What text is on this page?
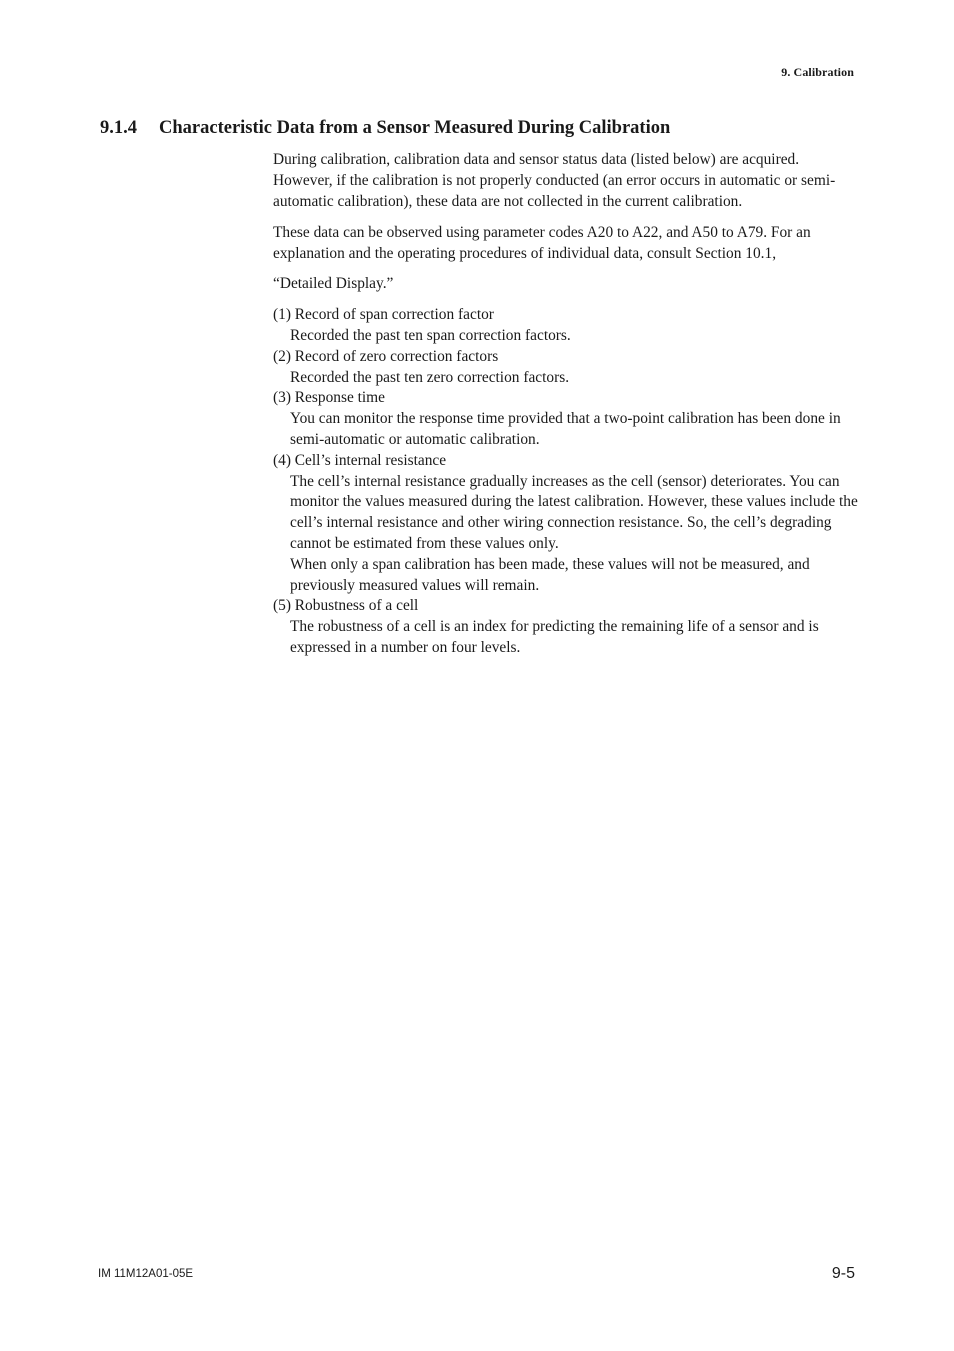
9. Calibration
9.1.4 Characteristic Data from a Sensor Measured During Calibration

During calibration, calibration data and sensor status data (listed below) are acquired. However, if the calibration is not properly conducted (an error occurs in automatic or semi-automatic calibration), these data are not collected in the current calibration.

These data can be observed using parameter codes A20 to A22, and A50 to A79. For an explanation and the operating procedures of individual data, consult Section 10.1,

“Detailed Display.”

(1) Record of span correction factor

Recorded the past ten span correction factors.

(2) Record of zero correction factors

Recorded the past ten zero correction factors.

(3) Response time

You can monitor the response time provided that a two-point calibration has been done in semi-automatic or automatic calibration.

(4) Cell’s internal resistance

The cell’s internal resistance gradually increases as the cell (sensor) deteriorates. You can monitor the values measured during the latest calibration. However, these values include the cell’s internal resistance and other wiring connection resistance. So, the cell’s degrading cannot be estimated from these values only.

When only a span calibration has been made, these values will not be measured, and previously measured values will remain.

(5) Robustness of a cell

The robustness of a cell is an index for predicting the remaining life of a sensor and is expressed in a number on four levels.

IM 11M12A01-05E	9-5
